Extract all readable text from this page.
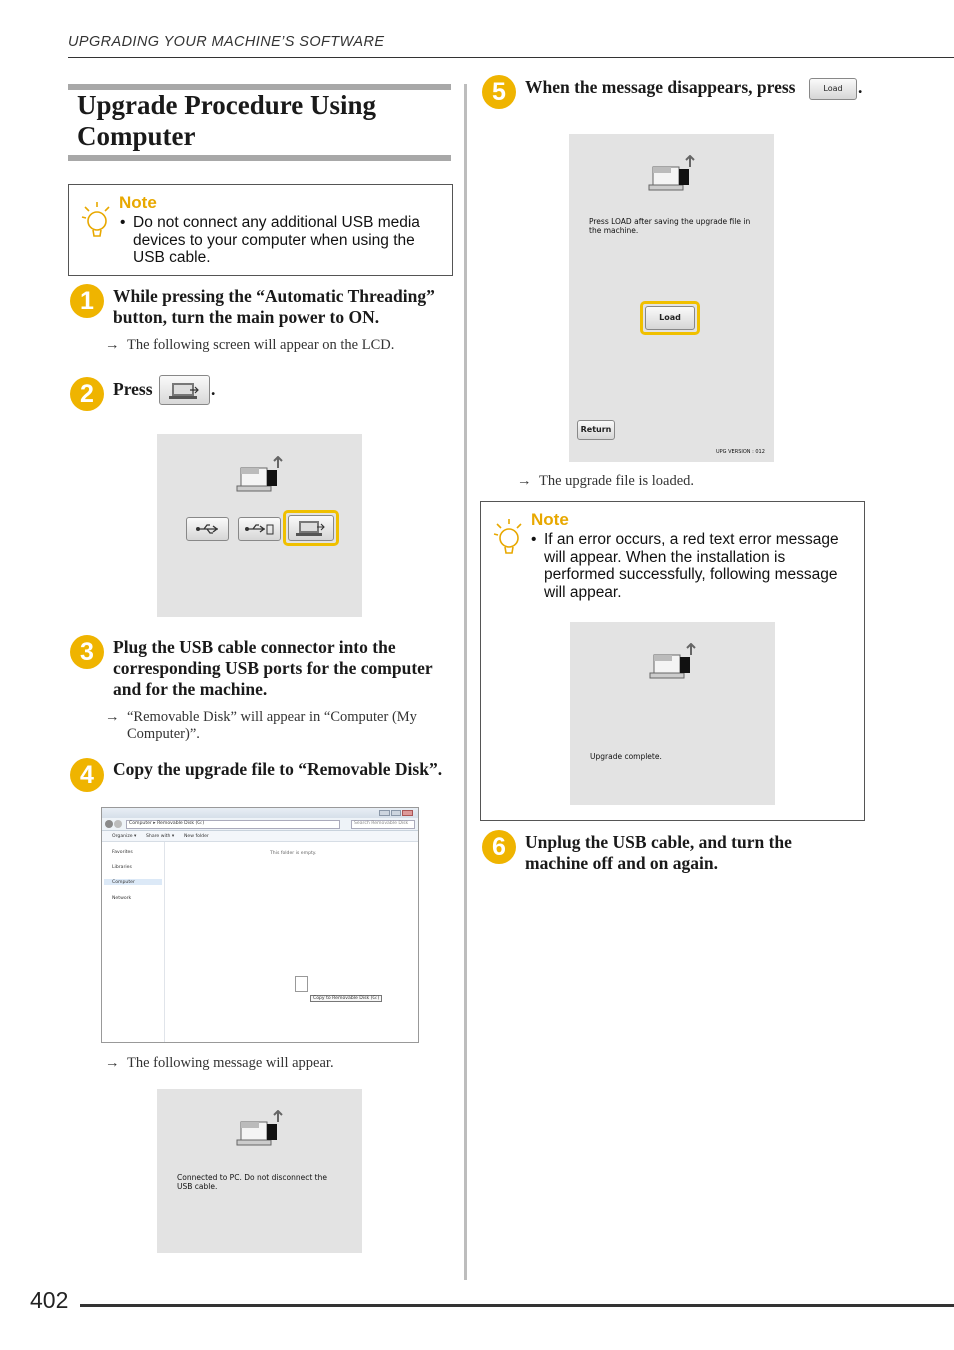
UPGRADING YOUR MACHINE’S SOFTWARE
Upgrade Procedure Using
Computer
Note
• Do not connect any additional USB media
devices to your computer when using the
USB cable.
1	While pressing the “Automatic Threading”
button, turn the main power to ON.
→ The following screen will appear on the LCD.
2	Press	.
3	Plug the USB cable connector into the
corresponding USB ports for the computer
and for the machine.
→ “Removable Disk” will appear in “Computer (My
Computer)”.
4	Copy the upgrade file to “Removable Disk”.
Computer ▸ Removable Disk (G:)	Search Removable Disk
Organize ▾ Share with ▾ New folder
Favorites
Libraries
Computer
Network
This folder is empty.
Copy to Removable Disk (G:)
→ The following message will appear.
Connected to PC. Do not disconnect the
USB cable.
5	When the message disappears, press	Load .
Press LOAD after saving the upgrade file in
the machine.
Load
Return
UPG VERSION : 012
→ The upgrade file is loaded.
Note
• If an error occurs, a red text error message
will appear. When the installation is
performed successfully, following message
will appear.
Upgrade complete.
6	Unplug the USB cable, and turn the
machine off and on again.
402
